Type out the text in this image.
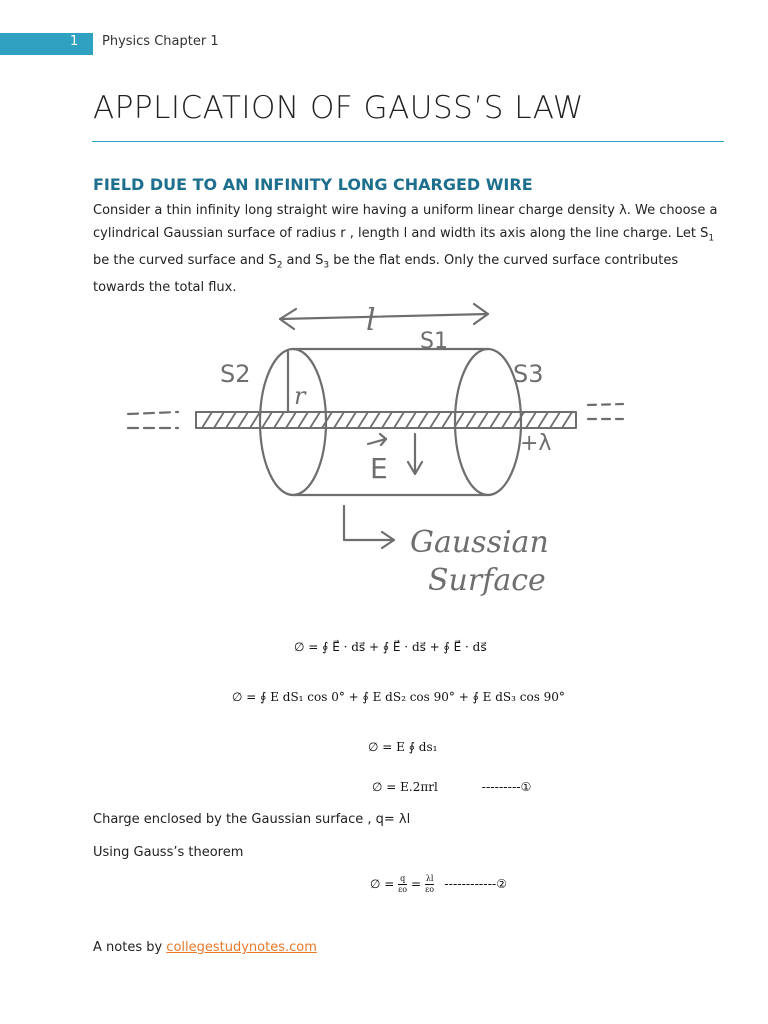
1 Physics Chapter 1
APPLICATION OF GAUSS’S LAW
FIELD DUE TO AN INFINITY LONG CHARGED WIRE

Consider a thin infinity long straight wire having a uniform linear charge density λ. We choose a cylindrical Gaussian surface of radius r , length l and width its axis along the line charge. Let $S_1$ be the curved surface and $S_2$ and $S_3$ be the flat ends. Only the curved surface contributes towards the total flux.

l
S1
S2	S3
r
E
+λ
Gaussian
Surface
∅ = ∮ E⃗ · ds⃗ + ∮ E⃗ · ds⃗ + ∮ E⃗ · ds⃗
∅ = ∮ E dS₁ cos 0° + ∮ E dS₂ cos 90° + ∮ E dS₃ cos 90°
∅ = E ∮ ds₁
∅ = E.2πrl	---------①
Charge enclosed by the Gaussian surface , q= λl
Using Gauss’s theorem
∅ = $\frac{q}{\varepsilon o} = \frac{\lambda l}{\varepsilon o}$ ------------②
A notes by collegestudynotes.com
